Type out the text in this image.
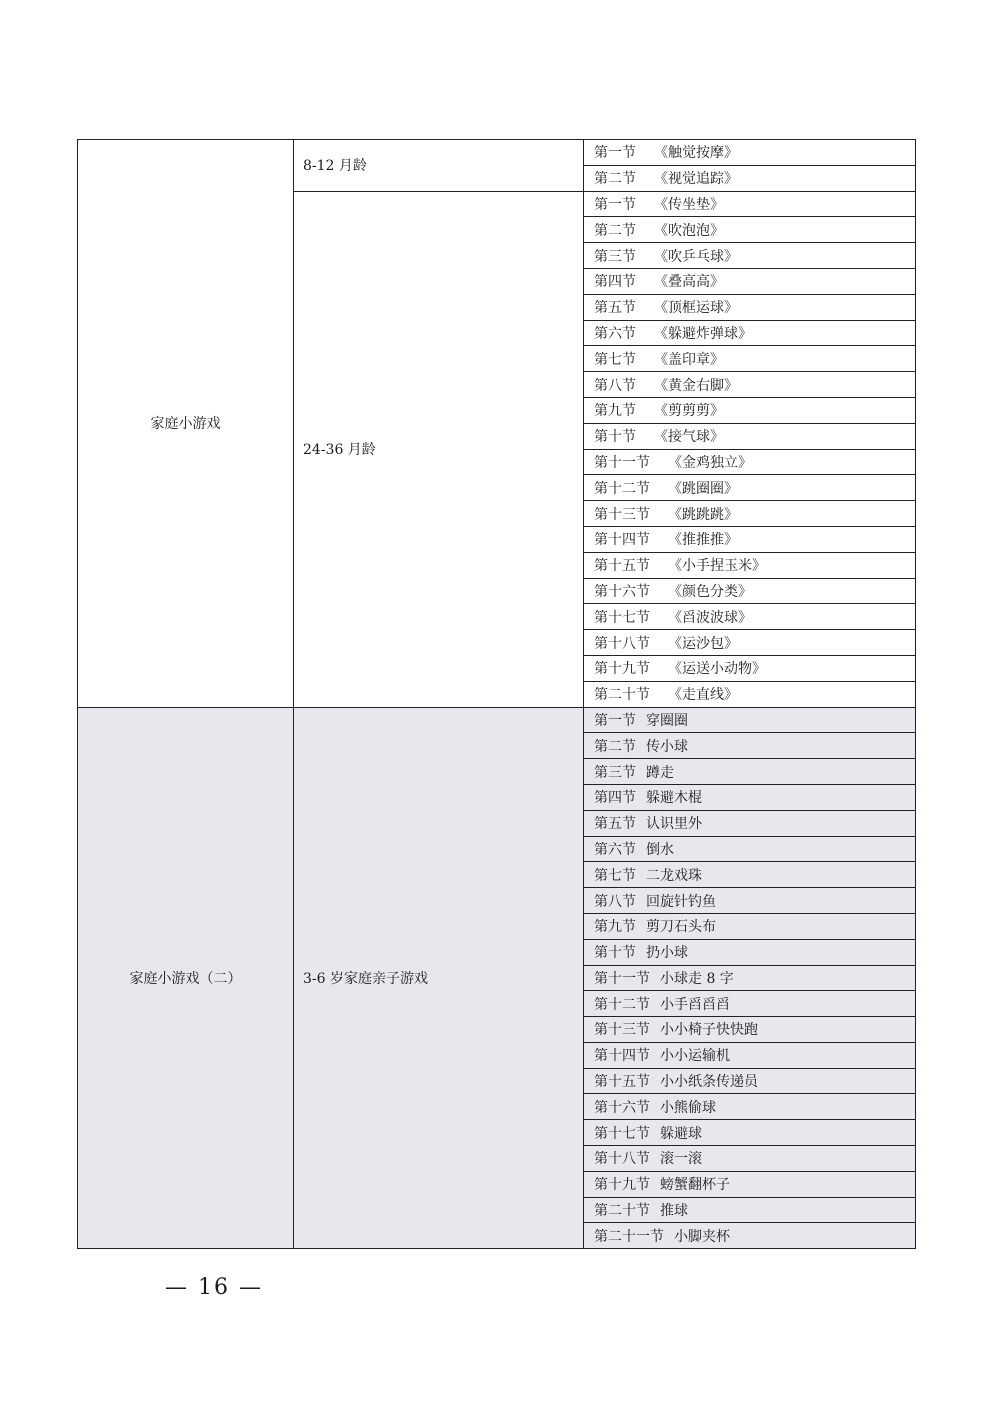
家庭小游戏	8-12 月龄	第一节 《触觉按摩》
		第二节 《视觉追踪》
	24-36 月龄	第一节 《传坐垫》
		第二节 《吹泡泡》
		第三节 《吹乒乓球》
		第四节 《叠高高》
		第五节 《顶框运球》
		第六节 《躲避炸弹球》
		第七节 《盖印章》
		第八节 《黄金右脚》
		第九节 《剪剪剪》
		第十节 《接气球》
		第十一节 《金鸡独立》
		第十二节 《跳圈圈》
		第十三节 《跳跳跳》
		第十四节 《推推推》
		第十五节 《小手捏玉米》
		第十六节 《颜色分类》
		第十七节 《舀波波球》
		第十八节 《运沙包》
		第十九节 《运送小动物》
		第二十节 《走直线》
家庭小游戏（二）	3-6 岁家庭亲子游戏	第一节 穿圈圈
		第二节 传小球
		第三节 蹲走
		第四节 躲避木棍
		第五节 认识里外
		第六节 倒水
		第七节 二龙戏珠
		第八节 回旋针钓鱼
		第九节 剪刀石头布
		第十节 扔小球
		第十一节 小球走 8 字
		第十二节 小手舀舀舀
		第十三节 小小椅子快快跑
		第十四节 小小运输机
		第十五节 小小纸条传递员
		第十六节 小熊偷球
		第十七节 躲避球
		第十八节 滚一滚
		第十九节 螃蟹翻杯子
		第二十节 推球
		第二十一节 小脚夹杯
— 16 —
